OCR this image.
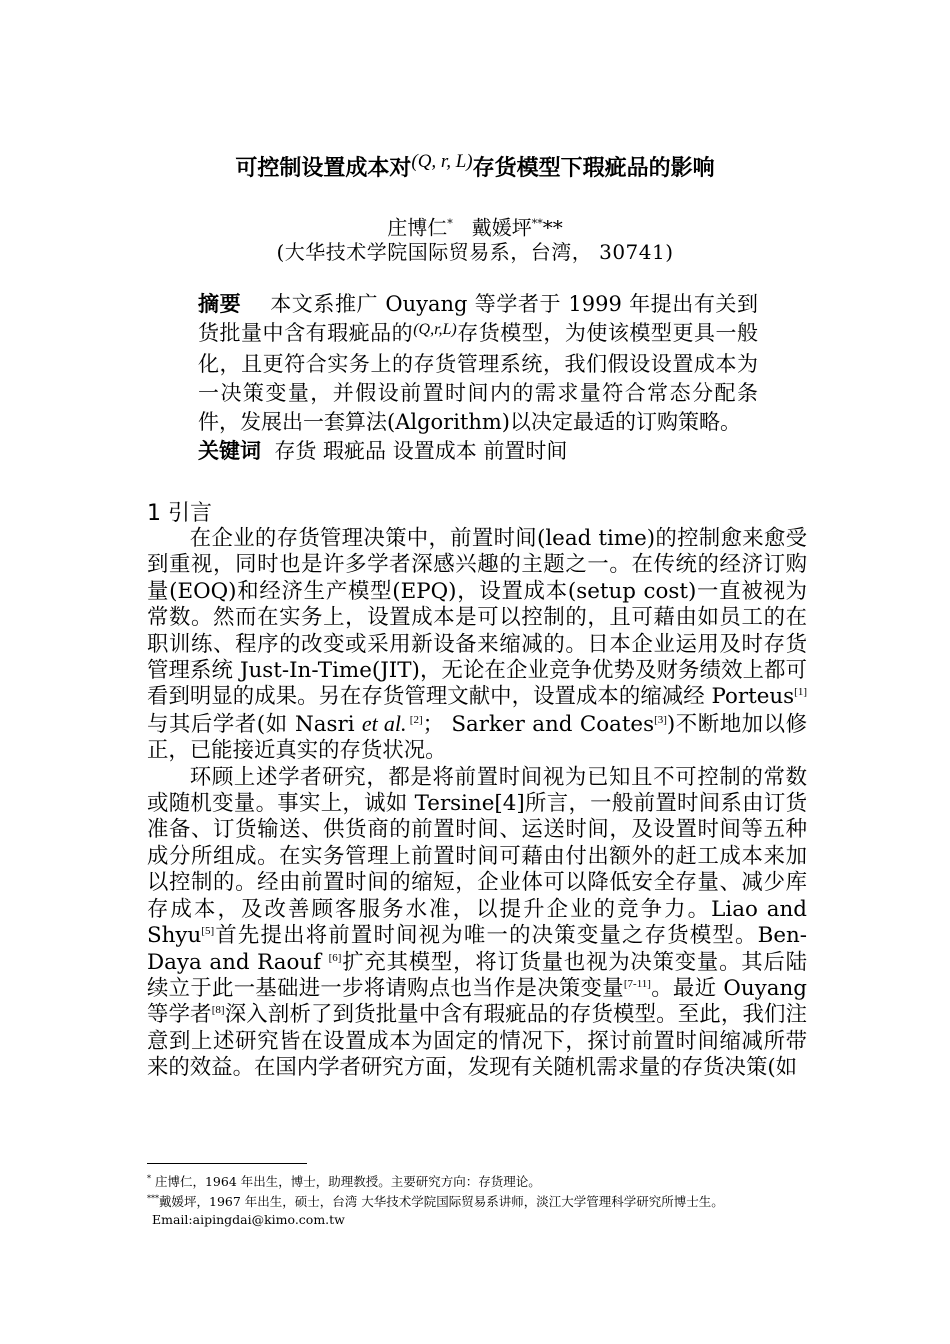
可控制设置成本对(Q, r, L)存货模型下瑕疵品的影响
庄博仁* 戴媛坪****
(大华技术学院国际贸易系，台湾， 30741)
摘要 本文系推广 Ouyang 等学者于 1999 年提出有关到货批量中含有瑕疵品的$^{(Q,r,L)}$存货模型，为使该模型更具一般化，且更符合实务上的存货管理系统，我们假设设置成本为一决策变量，并假设前置时间内的需求量符合常态分配条件，发展出一套算法(Algorithm)以决定最适的订购策略。
关键词 存货 瑕疵品 设置成本 前置时间
1 引言

在企业的存货管理决策中，前置时间(lead time)的控制愈来愈受到重视，同时也是许多学者深感兴趣的主题之一。在传统的经济订购量(EOQ)和经济生产模型(EPQ)，设置成本(setup cost)一直被视为常数。然而在实务上，设置成本是可以控制的，且可藉由如员工的在职训练、程序的改变或采用新设备来缩减的。日本企业运用及时存货管理系统 Just-In-Time(JIT)，无论在企业竞争优势及财务绩效上都可看到明显的成果。另在存货管理文献中，设置成本的缩减经 Porteus[1]与其后学者(如 Nasri et al. [2]； Sarker and Coates[3])不断地加以修正，已能接近真实的存货状况。

环顾上述学者研究，都是将前置时间视为已知且不可控制的常数或随机变量。事实上，诚如 Tersine[4]所言，一般前置时间系由订货准备、订货输送、供货商的前置时间、运送时间，及设置时间等五种成分所组成。在实务管理上前置时间可藉由付出额外的赶工成本来加以控制的。经由前置时间的缩短，企业体可以降低安全存量、减少库存成本，及改善顾客服务水准，以提升企业的竞争力。Liao and Shyu[5]首先提出将前置时间视为唯一的决策变量之存货模型。Ben-Daya and Raouf [6]扩充其模型，将订货量也视为决策变量。其后陆续立于此一基础进一步将请购点也当作是决策变量[7-11]。最近 Ouyang 等学者[8]深入剖析了到货批量中含有瑕疵品的存货模型。至此，我们注意到上述研究皆在设置成本为固定的情况下，探讨前置时间缩减所带来的效益。在国内学者研究方面，发现有关随机需求量的存货决策(如

* 庄博仁，1964 年出生，博士，助理教授。主要研究方向：存货理论。
***戴媛坪，1967 年出生，硕士，台湾 大华技术学院国际贸易系讲师，淡江大学管理科学研究所博士生。
Email:aipingdai@kimo.com.tw
